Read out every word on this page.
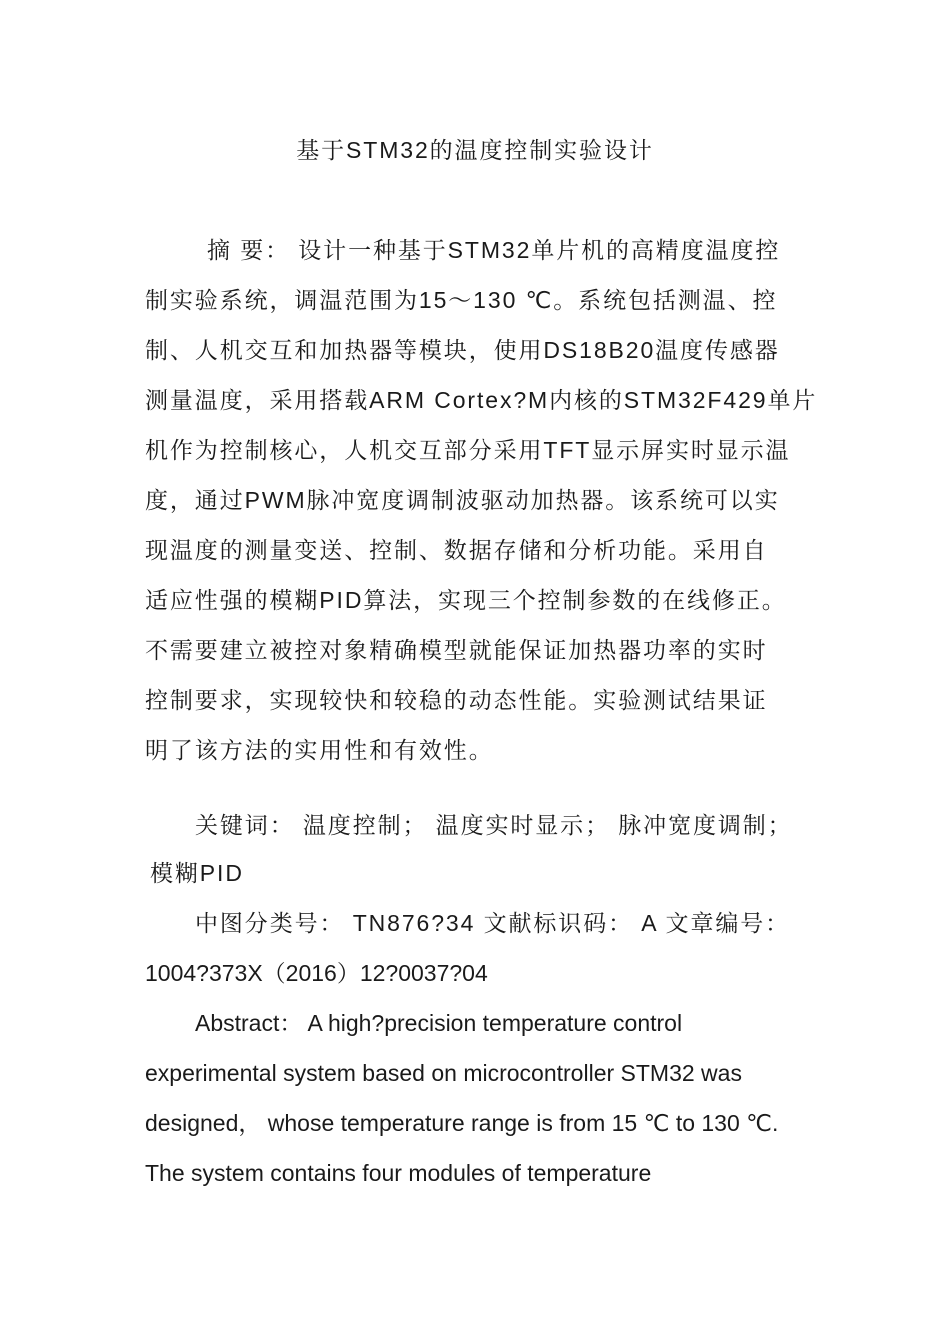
基于STM32的温度控制实验设计
摘 要： 设计一种基于STM32单片机的高精度温度控
制实验系统，调温范围为15～130 ℃。系统包括测温、控
制、人机交互和加热器等模块，使用DS18B20温度传感器
测量温度，采用搭载ARM Cortex?M内核的STM32F429单片
机作为控制核心，人机交互部分采用TFT显示屏实时显示温
度，通过PWM脉冲宽度调制波驱动加热器。该系统可以实
现温度的测量变送、控制、数据存储和分析功能。采用自
适应性强的模糊PID算法，实现三个控制参数的在线修正。
不需要建立被控对象精确模型就能保证加热器功率的实时
控制要求，实现较快和较稳的动态性能。实验测试结果证
明了该方法的实用性和有效性。
关键词： 温度控制； 温度实时显示； 脉冲宽度调制；
模糊PID
中图分类号： TN876?34 文献标识码： A 文章编号：
1004?373X（2016）12?0037?04
Abstract： A high?precision temperature control
experimental system based on microcontroller STM32 was
designed， whose temperature range is from 15 ℃ to 130 ℃.
The system contains four modules of temperature
